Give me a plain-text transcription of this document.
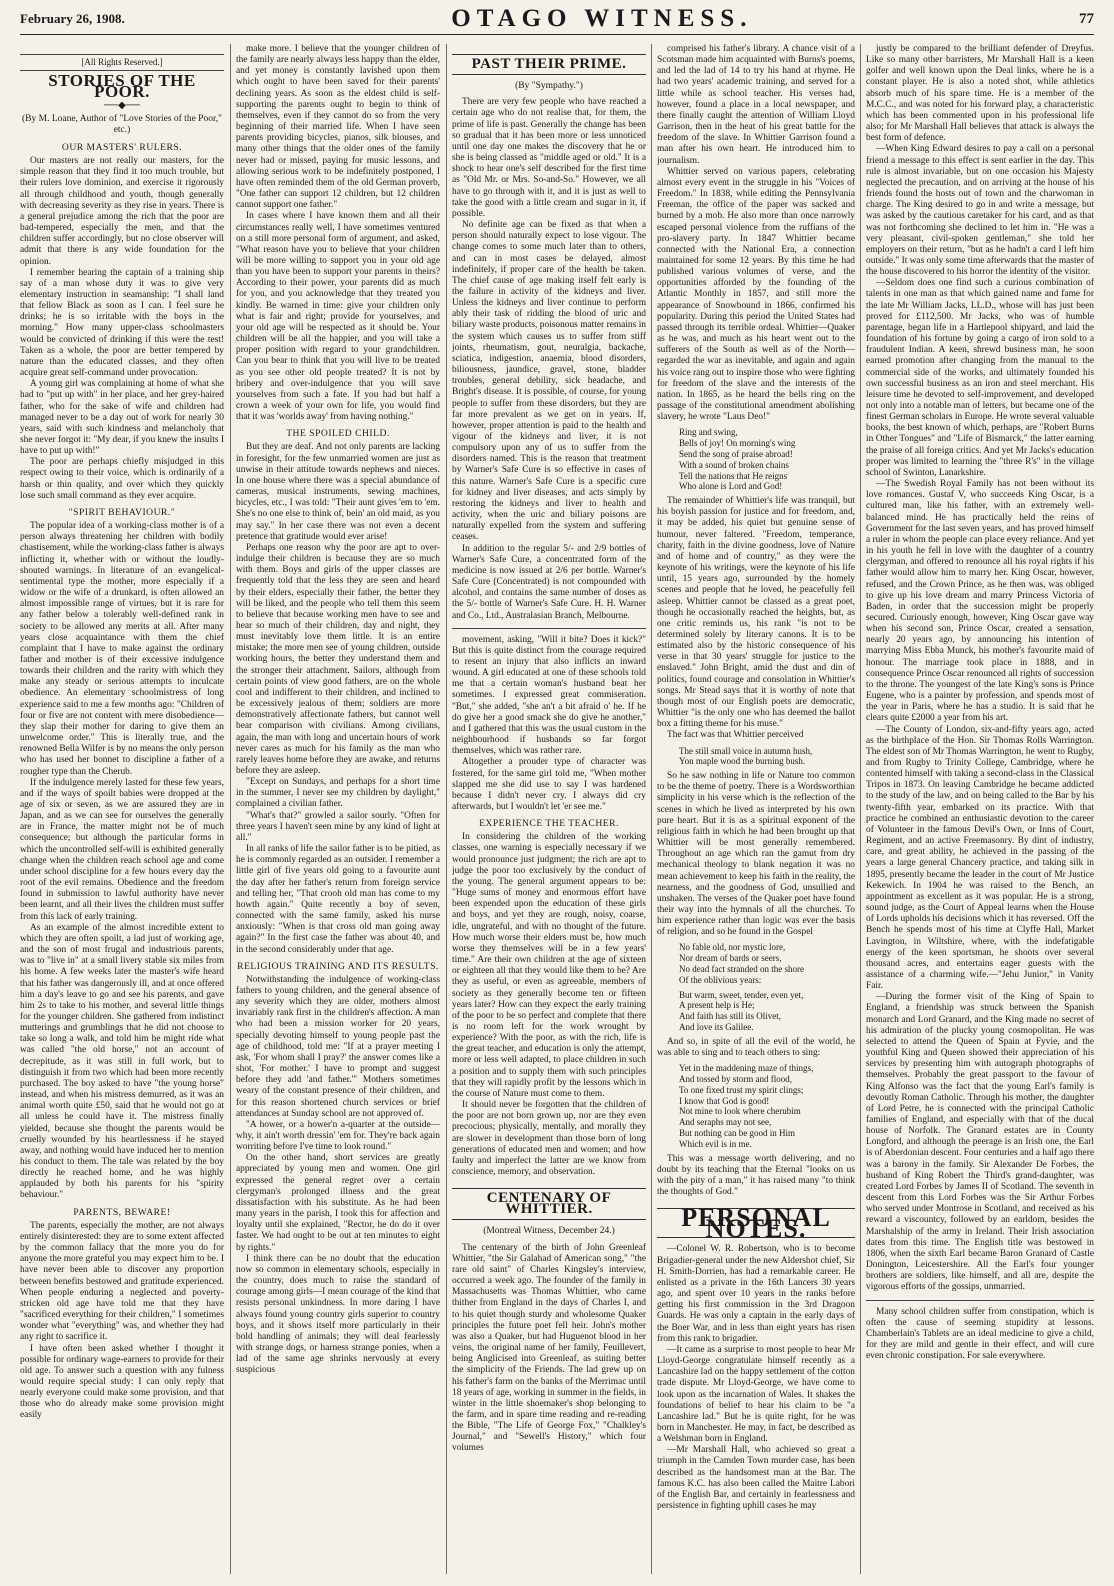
February 26, 1908.	OTAGO WITNESS.	77
[All Rights Reserved.]
STORIES OF THE POOR.
──◆──
(By M. Loane, Author of "Love Stories of the Poor," etc.)
OUR MASTERS' RULERS.

Our masters are not really our masters, for the simple reason that they find it too much trouble, but their rulers love dominion, and exercise it rigorously all through childhood and youth, though generally with decreasing severity as they rise in years. There is a general prejudice among the rich that the poor are bad-tempered, especially the men, and that the children suffer accordingly, but no close observer will admit that there is any wide foundation for the opinion.

I remember hearing the captain of a training ship say of a man whose duty it was to give very elementary instruction in seamanship: "I shall land that fellow Black as soon as I can. I feel sure he drinks; he is so irritable with the boys in the morning." How many upper-class schoolmasters would be convicted of drinking if this were the test! Taken as a whole, the poor are better tempered by nature than the educated classes, and they often acquire great self-command under provocation.

A young girl was complaining at home of what she had to "put up with" in her place, and her grey-haired father, who for the sake of wife and children had managed never to be a day out of work for nearly 30 years, said with such kindness and melancholy that she never forgot it: "My dear, if you knew the insults I have to put up with!"

The poor are perhaps chiefly misjudged in this respect owing to their voice, which is ordinarily of a harsh or thin quality, and over which they quickly lose such small command as they ever acquire.

"SPIRIT BEHAVIOUR."

The popular idea of a working-class mother is of a person always threatening her children with bodily chastisement, while the working-class father is always inflicting it, whether with or without the loudly-shouted warnings. In literature of an evangelical-sentimental type the mother, more especially if a widow or the wife of a drunkard, is often allowed an almost impossible range of virtues, but it is rare for any father below a tolerably well-defined rank in society to be allowed any merits at all. After many years close acquaintance with them the chief complaint that I have to make against the ordinary father and mother is of their excessive indulgence towards their children and the rarity with which they make any steady or serious attempts to inculcate obedience. An elementary schoolmistress of long experience said to me a few months ago: "Children of four or five are not content with mere disobedience—they slap their mother for daring to give them an unwelcome order." This is literally true, and the renowned Bella Wilfer is by no means the only person who has used her bonnet to discipline a father of a rougher type than the Cherub.

If the indulgence merely lasted for these few years, and if the ways of spoilt babies were dropped at the age of six or seven, as we are assured they are in Japan, and as we can see for ourselves the generally are in France, the matter might not be of much consequence; but although the particular forms in which the uncontrolled self-will is exhibited generally change when the children reach school age and come under school discipline for a few hours every day the root of the evil remains. Obedience and the freedom found in submission to lawful authority have never been learnt, and all their lives the children must suffer from this lack of early training.

As an example of the almost incredible extent to which they are often spoilt, a lad just of working age, and the son of most frugal and industrious parents, was to "live in" at a small livery stable six miles from his home. A few weeks later the master's wife heard that his father was dangerously ill, and at once offered him a day's leave to go and see his parents, and gave him 2s to take to his mother, and several little things for the younger children. She gathered from indistinct mutterings and grumblings that he did not choose to take so long a walk, and told him he might ride what was called "the old horse," not an account of decrepitude, as it was still in full work, but to distinguish it from two which had been more recently purchased. The boy asked to have "the young horse" instead, and when his mistress demurred, as it was an animal worth quite £50, said that he would not go at all unless he could have it. The mistress finally yielded, because she thought the parents would be cruelly wounded by his heartlessness if he stayed away, and nothing would have induced her to mention his conduct to them. The tale was related by the boy directly he reached home, and he was highly applauded by both his parents for his "spirity behaviour."

PARENTS, BEWARE!

The parents, especially the mother, are not always entirely disinterested: they are to some extent affected by the common fallacy that the more you do for anyone the more grateful you may expect him to be. I have never been able to discover any proportion between benefits bestowed and gratitude experienced. When people enduring a neglected and poverty-stricken old age have told me that they have "sacrificed everything for their children," I sometimes wonder what "everything" was, and whether they had any right to sacrifice it.

I have often been asked whether I thought it possible for ordinary wage-earners to provide for their old age. To answer such a question with any fulness would require special study: I can only reply that nearly everyone could make some provision, and that those who do already make some provision might easily

make more. I believe that the younger children of the family are nearly always less happy than the elder, and yet money is constantly lavished upon them which ought to have been saved for their parents' declining years. As soon as the eldest child is self-supporting the parents ought to begin to think of themselves, even if they cannot do so from the very beginning of their married life. When I have seen parents providing bicycles, pianos, silk blouses, and many other things that the older ones of the family never had or missed, paying for music lessons, and allowing serious work to be indefinitely postponed, I have often reminded them of the old German proverb, "One father can support 12 children, but 12 children cannot support one father."

In cases where I have known them and all their circumstances really well, I have sometimes ventured on a still more personal form of argument, and asked, "What reason have you to believe that your children will be more willing to support you in your old age than you have been to support your parents in theirs? According to their power, your parents did as much for you, and you acknowledge that they treated you kindly. Be warned in time: give your children only what is fair and right; provide for yourselves, and your old age will be respected as it should be. Your children will be all the happier, and you will take a proper position with regard to your grandchildren. Can you bear to think that you will live to be treated as you see other old people treated? It is not by bribery and over-indulgence that you will save yourselves from such a fate. If you had but half a crown a week of your own for life, you would find that it was 'worlds away' from having nothing."

THE SPOILED CHILD.

But they are deaf. And not only parents are lacking in foresight, for the few unmarried women are just as unwise in their attitude towards nephews and nieces. In one house where there was a special abundance of cameras, musical instruments, sewing machines, bicycles, etc., I was told: "Their aunt gives 'em to 'em. She's no one else to think of, bein' an old maid, as you may say." In her case there was not even a decent pretence that gratitude would ever arise!

Perhaps one reason why the poor are apt to over-indulge their children is because they are so much with them. Boys and girls of the upper classes are frequently told that the less they are seen and heard by their elders, especially their father, the better they will be liked, and the people who tell them this seem to believe that because working men have to see and hear so much of their children, day and night, they must inevitably love them little. It is an entire mistake; the more men see of young children, outside working hours, the better they understand them and the stronger their attachment. Sailors, although from certain points of view good fathers, are on the whole cool and indifferent to their children, and inclined to be excessively jealous of them; soldiers are more demonstratively affectionate fathers, but cannot well bear comparison with civilians. Among civilians, again, the man with long and uncertain hours of work never cares as much for his family as the man who rarely leaves home before they are awake, and returns before they are asleep.

"Except on Sundays, and perhaps for a short time in the summer, I never see my children by daylight," complained a civilian father.

"What's that?" growled a sailor sourly. "Often for three years I haven't seen mine by any kind of light at all."

In all ranks of life the sailor father is to be pitied, as he is commonly regarded as an outsider. I remember a little girl of five years old going to a favourite aunt the day after her father's return from foreign service and telling her, "That crooh old man has come to my howth again." Quite recently a boy of seven, connected with the same family, asked his nurse anxiously: "When is that cross old man going away again?" In the first case the father was about 40, and in the second considerably under that age.

RELIGIOUS TRAINING AND ITS RESULTS.

Notwithstanding the indulgence of working-class fathers to young children, and the general absence of any severity which they are older, mothers almost invariably rank first in the children's affection. A man who had been a mission worker for 20 years, specially devoting himself to young people past the age of childhood, told me: "If at a prayer meeting I ask, 'For whom shall I pray?' the answer comes like a shot, 'For mother.' I have to prompt and suggest before they add 'and father.'" Mothers sometimes weary of the constant presence of their children, and for this reason shortened church services or brief attendances at Sunday school are not approved of.

"A hower, or a hower'n a-quarter at the outside—why, it ain't worth dressin' 'em for. They're back again worriting before I've time to look round."

On the other hand, short services are greatly appreciated by young men and women. One girl expressed the general regret over a certain clergyman's prolonged illness and the great dissatisfaction with his substitute. As he had been many years in the parish, I took this for affection and loyalty until she explained, "Rector, he do do it over faster. We had ought to be out at ten minutes to eight by rights."

I think there can be no doubt that the education now so common in elementary schools, especially in the country, does much to raise the standard of courage among girls—I mean courage of the kind that resists personal unkindness. In more daring I have always found young country girls superior to country boys, and it shows itself more particularly in their bold handling of animals; they will deal fearlessly with strange dogs, or harness strange ponies, when a lad of the same age shrinks nervously at every suspicious

PAST THEIR PRIME.
(By "Sympathy.")

There are very few people who have reached a certain age who do not realise that, for them, the prime of life is past. Generally the change has been so gradual that it has been more or less unnoticed until one day one makes the discovery that he or she is being classed as "middle aged or old." It is a shock to hear one's self described for the first time as "Old Mr. or Mrs. So-and-So." However, we all have to go through with it, and it is just as well to take the good with a little cream and sugar in it, if possible.

No definite age can be fixed as that when a person should naturally expect to lose vigour. The change comes to some much later than to others, and can in most cases be delayed, almost indefinitely, if proper care of the health be taken. The chief cause of age making itself felt early is the failure in activity of the kidneys and liver. Unless the kidneys and liver continue to perform ably their task of ridding the blood of uric and biliary waste products, poisonous matter remains in the system which causes us to suffer from stiff joints, rheumatism, gout, neuralgia, backache, sciatica, indigestion, anaemia, blood disorders, biliousness, jaundice, gravel, stone, bladder troubles, general debility, sick headache, and Bright's disease. It is possible, of course, for young people to suffer from these disorders, but they are far more prevalent as we get on in years. If, however, proper attention is paid to the health and vigour of the kidneys and liver, it is not compulsory upon any of us to suffer from the disorders named. This is the reason that treatment by Warner's Safe Cure is so effective in cases of this nature. Warner's Safe Cure is a specific cure for kidney and liver diseases, and acts simply by restoring the kidneys and liver to health and activity, when the uric and biliary poisons are naturally expelled from the system and suffering ceases.

In addition to the regular 5/- and 2/9 bottles of Warner's Safe Cure, a concentrated form of the medicine is now issued at 2/6 per bottle. Warner's Safe Cure (Concentrated) is not compounded with alcohol, and contains the same number of doses as the 5/- bottle of Warner's Safe Cure. H. H. Warner and Co., Ltd., Australasian Branch, Melbourne.

movement, asking, "Will it bite? Does it kick?" But this is quite distinct from the courage required to resent an injury that also inflicts an inward wound. A girl educated at one of these schools told me that a certain woman's husband beat her sometimes. I expressed great commiseration. "But," she added, "she an't a bit afraid o' he. If he do give her a good smack she do give he another," and I gathered that this was the usual custom in the neighbourhood if husbands so far forgot themselves, which was rather rare.

Altogether a prouder type of character was fostered, for the same girl told me, "When mother slapped me she did use to say I was hardened because I didn't never cry. I always did cry afterwards, but I wouldn't let 'er see me."

EXPERIENCE THE TEACHER.

In considering the children of the working classes, one warning is especially necessary if we would pronounce just judgment; the rich are apt to judge the poor too exclusively by the conduct of the young. The general argument appears to be: "Huge sums of money and enormous effort have been expended upon the education of these girls and boys, and yet they are rough, noisy, coarse, idle, ungrateful, and with no thought of the future. How much worse their elders must be, how much worse they themselves will be in a few years' time." Are their own children at the age of sixteen or eighteen all that they would like them to be? Are they as useful, or even as agreeable, members of society as they generally become ten or fifteen years later? How can they expect the early training of the poor to be so perfect and complete that there is no room left for the work wrought by experience? With the poor, as with the rich, life is the great teacher, and education is only the attempt, more or less well adapted, to place children in such a position and to supply them with such principles that they will rapidly profit by the lessons which in the course of Nature must come to them.

It should never be forgotten that the children of the poor are not born grown up, nor are they even precocious; physically, mentally, and morally they are slower in development than those born of long generations of educated men and women; and how faulty and imperfect the latter are we know from conscience, memory, and observation.

CENTENARY OF WHITTIER.
(Montreal Witness, December 24.)

The centenary of the birth of John Greenleaf Whittier, "the Sir Galahad of American song," "the rare old saint" of Charles Kingsley's interview, occurred a week ago. The founder of the family in Massachusetts was Thomas Whittier, who came thither from England in the days of Charles I, and to his quiet though sturdy and wholesome Quaker principles the future poet fell heir. John's mother was also a Quaker, but had Huguenot blood in her veins, the original name of her family, Feuillevert, being Anglicised into Greenleaf, as suiting better the simplicity of the Friends. The lad grew up on his father's farm on the banks of the Merrimac until 18 years of age, working in summer in the fields, in winter in the little shoemaker's shop belonging to the farm, and in spare time reading and re-reading the Bible, "The Life of George Fox," "Chalkley's Journal," and "Sewell's History," which four volumes

comprised his father's library. A chance visit of a Scotsman made him acquainted with Burns's poems, and led the lad of 14 to try his hand at rhyme. He had two years' academic training, and served for a little while as school teacher. His verses had, however, found a place in a local newspaper, and there finally caught the attention of William Lloyd Garrison, then in the heat of his great battle for the freedom of the slave. In Whittier Garrison found a man after his own heart. He introduced him to journalism.

Whittier served on various papers, celebrating almost every event in the struggle in his "Voices of Freedom." In 1838, while editing the Pennsylvania Freeman, the office of the paper was sacked and burned by a mob. He also more than once narrowly escaped personal violence from the ruffians of the pro-slavery party. In 1847 Whittier became connected with the National Era, a connection maintained for some 12 years. By this time he had published various volumes of verse, and the opportunities afforded by the founding of the Atlantic Monthly in 1857, and still more the appearance of Snowbound in 1866, confirmed his popularity. During this period the United States had passed through its terrible ordeal. Whittier—Quaker as he was, and much as his heart went out to the sufferers of the South as well as of the North—regarded the war as inevitable, and again and again his voice rang out to inspire those who were fighting for freedom of the slave and the interests of the nation. In 1865, as he heard the bells ring on the passage of the constitutional amendment abolishing slavery, he wrote "Laus Deo!"

Ring and swing,
Bells of joy! On morning's wing
Send the song of praise abroad!
With a sound of broken chains
Tell the nations that He reigns
Who alone is Lord and God!

The remainder of Whittier's life was tranquil, but his boyish passion for justice and for freedom, and, it may be added, his quiet but genuine sense of humour, never faltered. "Freedom, temperance, charity, faith in the divine goodness, love of Nature and of home and of country," as they were the keynote of his writings, were the keynote of his life until, 15 years ago, surrounded by the homely scenes and people that he loved, he peacefully fell asleep. Whittier cannot be classed as a great poet, though he occasionally reached the heights, but, as one critic reminds us, his rank "is not to be determined solely by literary canons. It is to be estimated also by the historic consequence of his verse in that 30 years' struggle for justice to the enslaved." John Bright, amid the dust and din of politics, found courage and consolation in Whittier's songs. Mr Stead says that it is worthy of note that though most of our English poets are democratic, Whittier "is the only one who has deemed the ballot box a fitting theme for his muse."

The fact was that Whittier perceived

The still small voice in autumn hush,
Yon maple wood the burning bush.

So he saw nothing in life or Nature too common to be the theme of poetry. There is a Wordsworthian simplicity in his verse which is the reflection of the scenes in which he lived as interpreted by his own pure heart. But it is as a spiritual exponent of the religious faith in which he had been brought up that Whittier will be most generally remembered. Throughout an age which ran the gamut from dry mechanical theology to blank negation it was no mean achievement to keep his faith in the reality, the nearness, and the goodness of God, unsullied and unshaken. The verses of the Quaker poet have found their way into the hymnals of all the churches. To him experience rather than logic was ever the basis of religion, and so he found in the Gospel

No fable old, nor mystic lore,
Nor dream of bards or seers,
No dead fact stranded on the shore
Of the oblivious years:
But warm, sweet, tender, even yet,
A present help is He;
And faith has still its Olivet,
And love its Galilee.

And so, in spite of all the evil of the world, he was able to sing and to teach others to sing:

Yet in the maddening maze of things,
And tossed by storm and flood,
To one fixed trust my spirit clings;
I know that God is good!
Not mine to look where cherubim
And seraphs may not see,
But nothing can be good in Him
Which evil is in me.

This was a message worth delivering, and no doubt by its teaching that the Eternal "looks on us with the pity of a man," it has raised many "to think the thoughts of God."

PERSONAL NOTES.

—Colonel W. R. Robertson, who is to become Brigadier-general under the new Aldershot chief, Sir H. Smith-Dorrien, has had a remarkable career. He enlisted as a private in the 16th Lancers 30 years ago, and spent over 10 years in the ranks before getting his first commission in the 3rd Dragoon Guards. He was only a captain in the early days of the Boer War, and in less than eight years has risen from this rank to brigadier.

—It came as a surprise to most people to hear Mr Lloyd-George congratulate himself recently as a Lancashire lad on the happy settlement of the cotton trade dispute. Mr Lloyd-George, we have come to look upon as the incarnation of Wales. It shakes the foundations of belief to hear his claim to be "a Lancashire lad." But he is quite right, for he was born in Manchester. He may, in fact, be described as a Welshman born in England.

—Mr Marshall Hall, who achieved so great a triumph in the Camden Town murder case, has been described as the handsomest man at the Bar. The famous K.C. has also been called the Maitre Labori of the English Bar, and certainly in fearlessness and persistence in fighting uphill cases he may

justly be compared to the brilliant defender of Dreyfus. Like so many other barristers, Mr Marshall Hall is a keen golfer and well known upon the Deal links, where he is a constant player. He is also a noted shot, while athletics absorb much of his spare time. He is a member of the M.C.C., and was noted for his forward play, a characteristic which has been commented upon in his professional life also; for Mr Marshall Hall believes that attack is always the best form of defence.

—When King Edward desires to pay a call on a personal friend a message to this effect is sent earlier in the day. This rule is almost invariable, but on one occasion his Majesty neglected the precaution, and on arriving at the house of his friends found the hosts out of town and the charwoman in charge. The King desired to go in and write a message, but was asked by the cautious caretaker for his card, and as that was not forthcoming she declined to let him in. "He was a very pleasant, civil-spoken gentleman," she told her employers on their return, "but as he hadn't a card I left him outside." It was only some time afterwards that the master of the house discovered to his horror the identity of the visitor.

—Seldom does one find such a curious combination of talents in one man as that which gained name and fame for the late Mr William Jacks, LL.D., whose will has just been proved for £112,500. Mr Jacks, who was of humble parentage, began life in a Hartlepool shipyard, and laid the foundation of his fortune by going a cargo of iron sold to a fraudulent Indian. A keen, shrewd business man, he soon earned promotion after changing from the manual to the commercial side of the works, and ultimately founded his own successful business as an iron and steel merchant. His leisure time he devoted to self-improvement, and developed not only into a notable man of letters, but became one of the finest German scholars in Europe. He wrote several valuable books, the best known of which, perhaps, are "Robert Burns in Other Tongues" and "Life of Bismarck," the latter earning the praise of all foreign critics. And yet Mr Jacks's education proper was limited to learning the "three R's" in the village school of Swinton, Lanarkshire.

—The Swedish Royal Family has not been without its love romances. Gustaf V, who succeeds King Oscar, is a cultured man, like his father, with an extremely well-balanced mind. He has practically held the reins of Government for the last seven years, and has proved himself a ruler in whom the people can place every reliance. And yet in his youth he fell in love with the daughter of a country clergyman, and offered to renounce all his royal rights if his father would allow him to marry her. King Oscar, however, refused, and the Crown Prince, as he then was, was obliged to give up his love dream and marry Princess Victoria of Baden, in order that the succession might be properly secured. Curiously enough, however, King Oscar gave way when his second son, Prince Oscar, created a sensation, nearly 20 years ago, by announcing his intention of marrying Miss Ebba Munck, his mother's favourite maid of honour. The marriage took place in 1888, and in consequence Prince Oscar renounced all rights of succession to the throne. The youngest of the late King's sons is Prince Eugene, who is a painter by profession, and spends most of the year in Paris, where he has a studio. It is said that he clears quite £2000 a year from his art.

—The County of London, six-and-fifty years ago, acted as the birthplace of the Hon. Sir Thomas Rolls Warrington. The eldest son of Mr Thomas Warrington, he went to Rugby, and from Rugby to Trinity College, Cambridge, where he contented himself with taking a second-class in the Classical Tripos in 1873. On leaving Cambridge he became addicted to the study of the law, and on being called to the Bar by his twenty-fifth year, embarked on its practice. With that practice he combined an enthusiastic devotion to the career of Volunteer in the famous Devil's Own, or Inns of Court, Regiment, and an active Freemasonry. By dint of industry, care, and great ability, he achieved in the passing of the years a large general Chancery practice, and taking silk in 1895, presently became the leader in the court of Mr Justice Kekewich. In 1904 he was raised to the Bench, an appointment as excellent as it was popular. He is a strong, sound judge, as the Court of Appeal learns when the House of Lords upholds his decisions which it has reversed. Off the Bench he spends most of his time at Clyffe Hall, Market Lavington, in Wiltshire, where, with the indefatigable energy of the keen sportsman, he shoots over several thousand acres, and entertains eager guests with the assistance of a charming wife.—"Jehu Junior," in Vanity Fair.

—During the former visit of the King of Spain to England, a friendship was struck between the Spanish monarch and Lord Granard, and the King made no secret of his admiration of the plucky young cosmopolitan. He was selected to attend the Queen of Spain at Fyvie, and the youthful King and Queen showed their appreciation of his services by presenting him with autograph photographs of themselves. Probably the great passport to the favour of King Alfonso was the fact that the young Earl's family is devoutly Roman Catholic. Through his mother, the daughter of Lord Petre, he is connected with the principal Catholic families of England, and especially with that of the ducal house of Norfolk. The Granard estates are in County Longford, and although the peerage is an Irish one, the Earl is of Aberdonian descent. Four centuries and a half ago there was a barony in the family. Sir Alexander De Forbes, the husband of King Robert the Third's grand-daughter, was created Lord Forbes by James II of Scotland. The seventh in descent from this Lord Forbes was the Sir Arthur Forbes who served under Montrose in Scotland, and received as his reward a viscountcy, followed by an earldom, besides the Marshalship of the army in Ireland. Their Irish association dates from this time. The English title was bestowed in 1806, when the sixth Earl became Baron Granard of Castle Donington, Leicestershire. All the Earl's four younger brothers are soldiers, like himself, and all are, despite the vigorous efforts of the gossips, unmarried.

Many school children suffer from constipation, which is often the cause of seeming stupidity at lessons. Chamberlain's Tablets are an ideal medicine to give a child, for they are mild and gentle in their effect, and will cure even chronic constipation. For sale everywhere.
